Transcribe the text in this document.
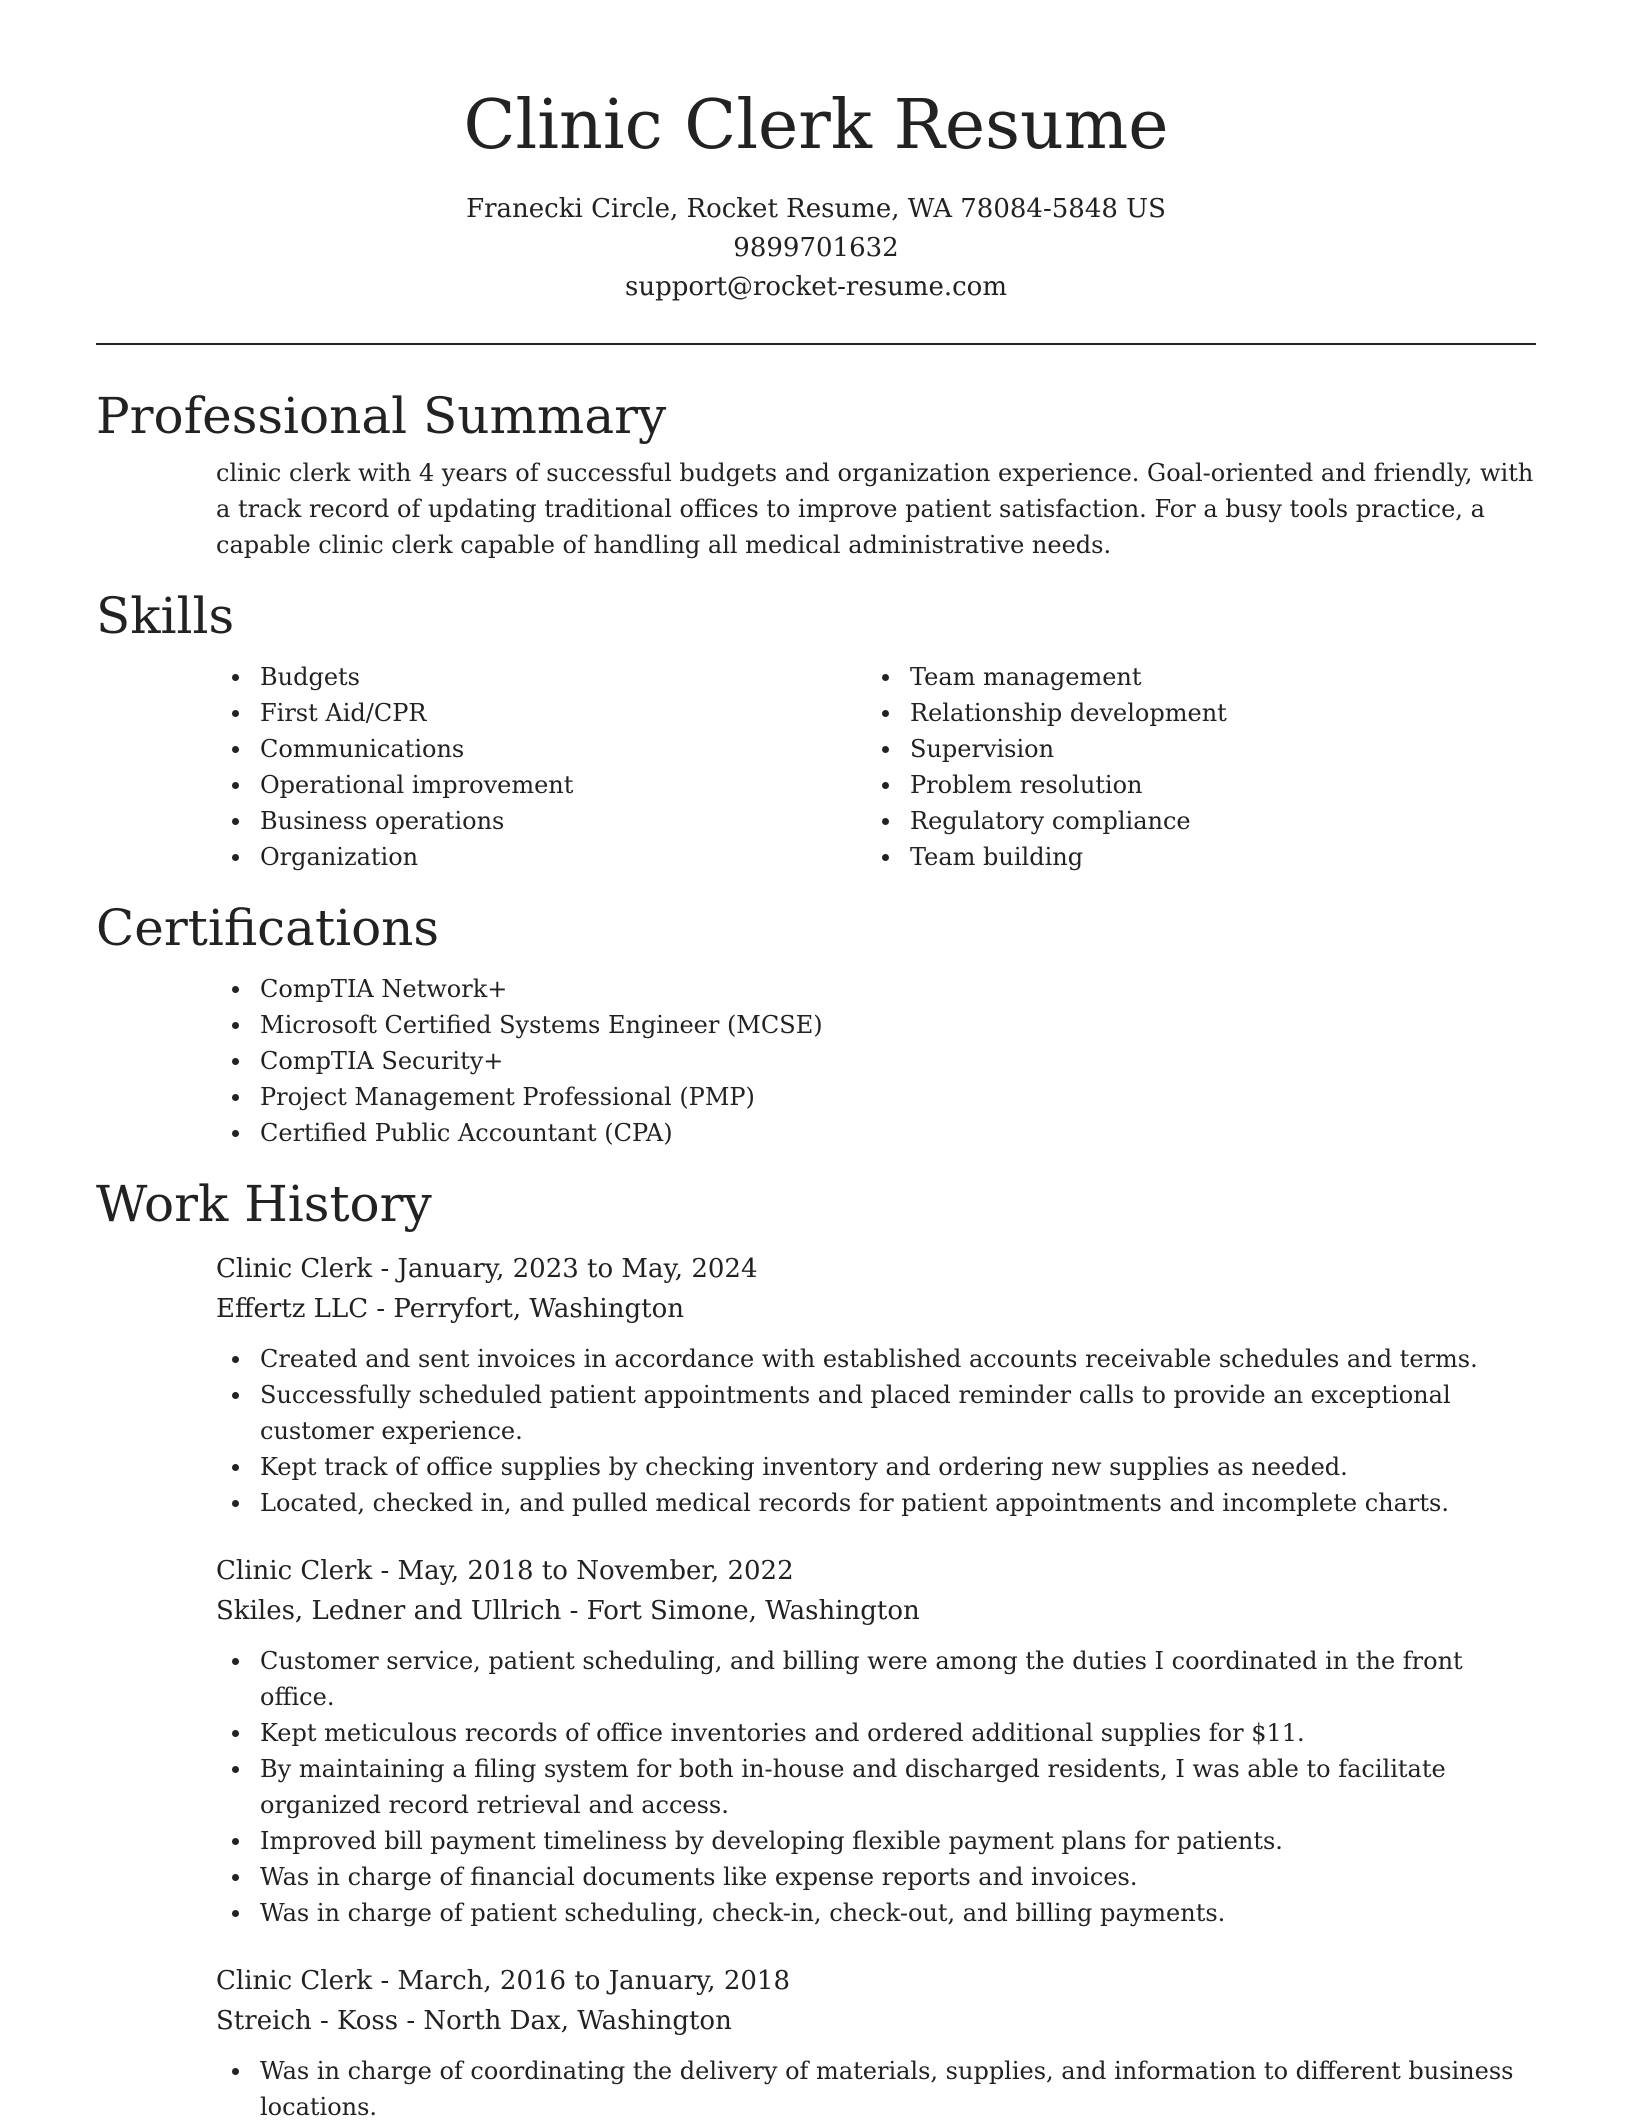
Clinic Clerk Resume
Franecki Circle, Rocket Resume, WA 78084-5848 US
9899701632
support@rocket-resume.com
Professional Summary

clinic clerk with 4 years of successful budgets and organization experience. Goal-oriented and friendly, with a track record of updating traditional offices to improve patient satisfaction. For a busy tools practice, a capable clinic clerk capable of handling all medical administrative needs.

Skills
Budgets
First Aid/CPR
Communications
Operational improvement
Business operations
Organization
Team management
Relationship development
Supervision
Problem resolution
Regulatory compliance
Team building
Certifications
CompTIA Network+
Microsoft Certified Systems Engineer (MCSE)
CompTIA Security+
Project Management Professional (PMP)
Certified Public Accountant (CPA)
Work History
Clinic Clerk - January, 2023 to May, 2024
Effertz LLC - Perryfort, Washington
Created and sent invoices in accordance with established accounts receivable schedules and terms.
Successfully scheduled patient appointments and placed reminder calls to provide an exceptional customer experience.
Kept track of office supplies by checking inventory and ordering new supplies as needed.
Located, checked in, and pulled medical records for patient appointments and incomplete charts.
Clinic Clerk - May, 2018 to November, 2022
Skiles, Ledner and Ullrich - Fort Simone, Washington
Customer service, patient scheduling, and billing were among the duties I coordinated in the front office.
Kept meticulous records of office inventories and ordered additional supplies for $11.
By maintaining a filing system for both in-house and discharged residents, I was able to facilitate organized record retrieval and access.
Improved bill payment timeliness by developing flexible payment plans for patients.
Was in charge of financial documents like expense reports and invoices.
Was in charge of patient scheduling, check-in, check-out, and billing payments.
Clinic Clerk - March, 2016 to January, 2018
Streich - Koss - North Dax, Washington
Was in charge of coordinating the delivery of materials, supplies, and information to different business locations.
